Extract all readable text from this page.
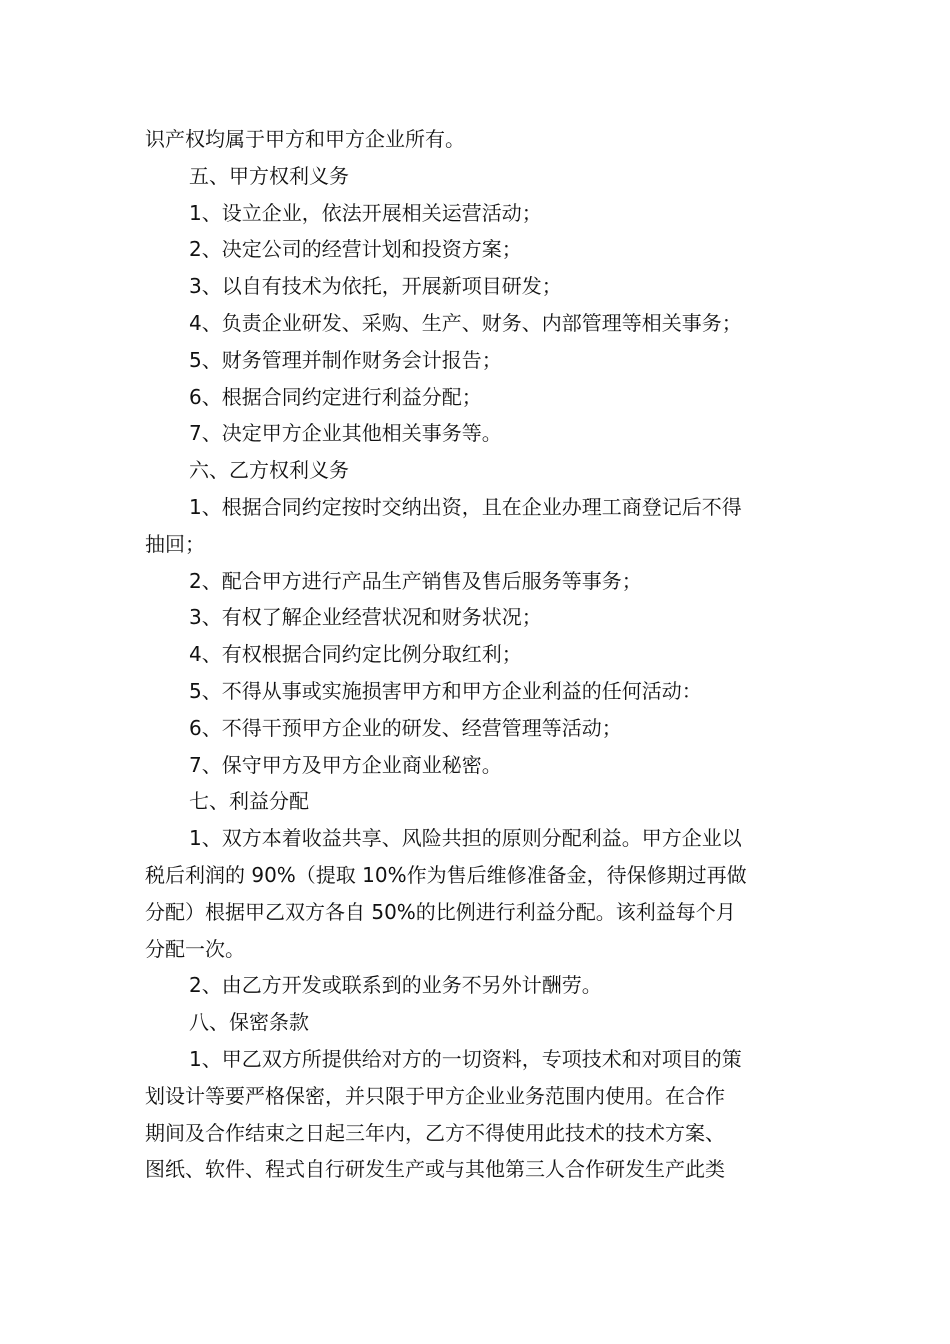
识产权均属于甲方和甲方企业所有。
五、甲方权利义务
1、设立企业，依法开展相关运营活动；
2、决定公司的经营计划和投资方案；
3、以自有技术为依托，开展新项目研发；
4、负责企业研发、采购、生产、财务、内部管理等相关事务；
5、财务管理并制作财务会计报告；
6、根据合同约定进行利益分配；
7、决定甲方企业其他相关事务等。
六、乙方权利义务
1、根据合同约定按时交纳出资，且在企业办理工商登记后不得
抽回；
2、配合甲方进行产品生产销售及售后服务等事务；
3、有权了解企业经营状况和财务状况；
4、有权根据合同约定比例分取红利；
5、不得从事或实施损害甲方和甲方企业利益的任何活动：
6、不得干预甲方企业的研发、经营管理等活动；
7、保守甲方及甲方企业商业秘密。
七、利益分配
1、双方本着收益共享、风险共担的原则分配利益。甲方企业以
税后利润的 90%（提取 10%作为售后维修准备金，待保修期过再做
分配）根据甲乙双方各自 50%的比例进行利益分配。该利益每个月
分配一次。
2、由乙方开发或联系到的业务不另外计酬劳。
八、保密条款
1、甲乙双方所提供给对方的一切资料，专项技术和对项目的策
划设计等要严格保密，并只限于甲方企业业务范围内使用。在合作
期间及合作结束之日起三年内，乙方不得使用此技术的技术方案、
图纸、软件、程式自行研发生产或与其他第三人合作研发生产此类
